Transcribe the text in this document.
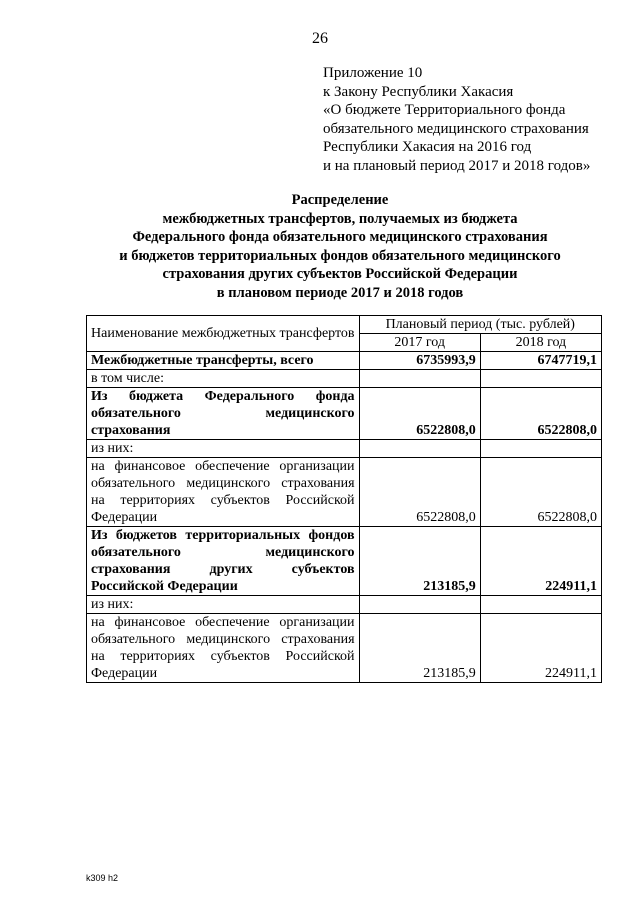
26
Приложение 10
к Закону Республики Хакасия
«О бюджете Территориального фонда
обязательного медицинского страхования
Республики Хакасия на 2016 год
и на плановый период 2017 и 2018 годов»
Распределение
межбюджетных трансфертов, получаемых из бюджета
Федерального фонда обязательного медицинского страхования
и бюджетов территориальных фондов обязательного медицинского
страхования других субъектов Российской Федерации
в плановом периоде 2017 и 2018 годов
Наименование межбюджетных трансфертов	Плановый период (тыс. рублей)	
	2017 год	2018 год
Межбюджетные трансферты, всего	6735993,9	6747719,1
в том числе:		
Из бюджета Федерального фонда обязательного медицинского страхования	6522808,0	6522808,0
из них:		
на финансовое обеспечение организации обязательного медицинского страхования на территориях субъектов Российской Федерации	6522808,0	6522808,0
Из бюджетов территориальных фондов обязательного медицинского страхования других субъектов Российской Федерации	213185,9	224911,1
из них:		
на финансовое обеспечение организации обязательного медицинского страхования на территориях субъектов Российской Федерации	213185,9	224911,1
k309 h2
